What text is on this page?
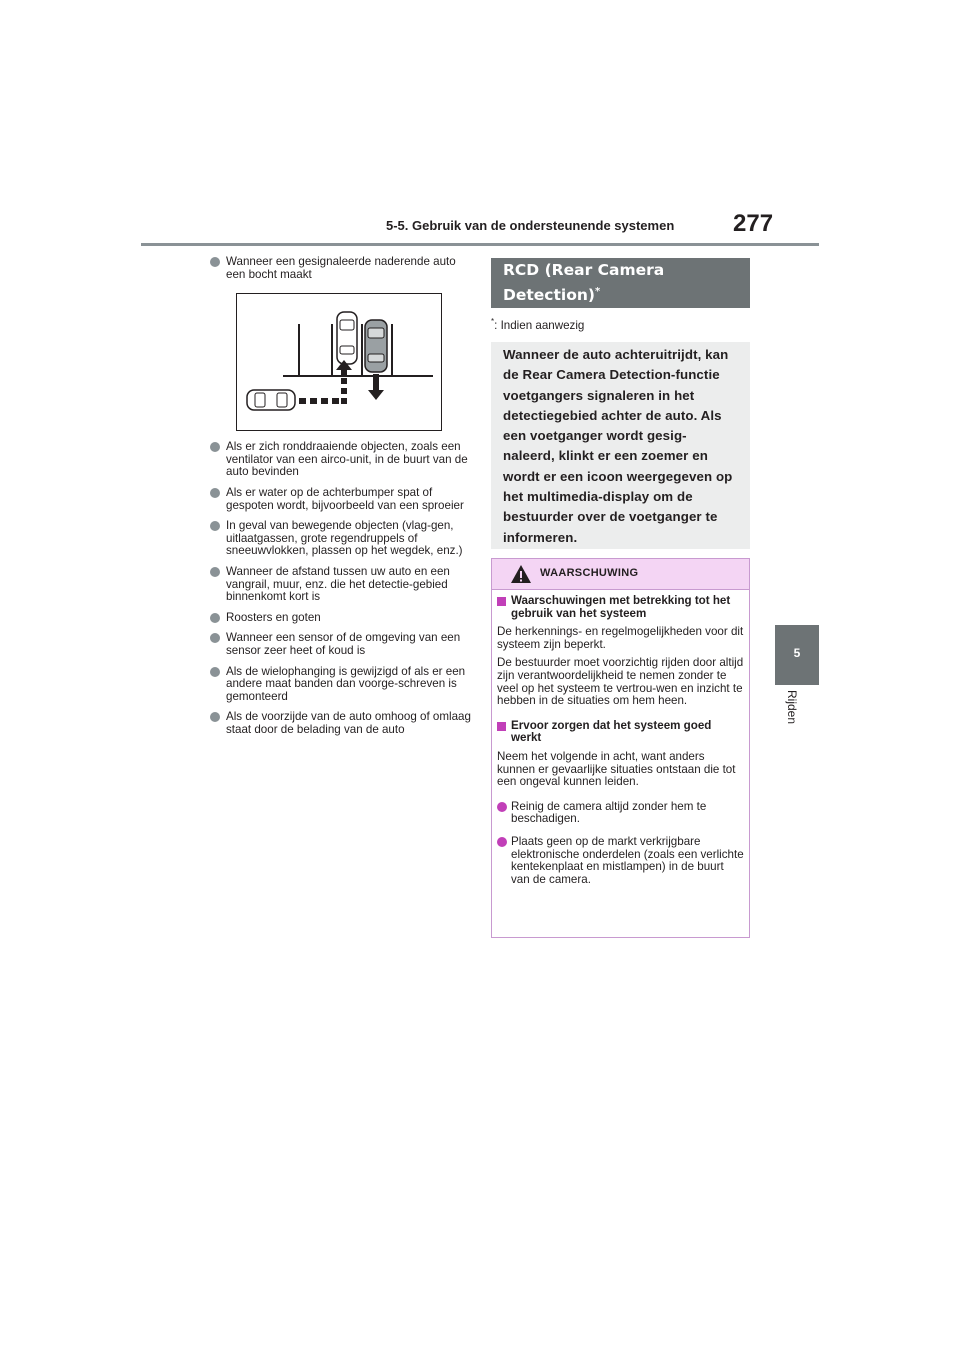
5-5. Gebruik van de ondersteunende systemen 277
5
Rijden
Wanneer een gesignaleerde naderende auto een bocht maakt
Als er zich ronddraaiende objecten, zoals een ventilator van een airco-unit, in de buurt van de auto bevinden
Als er water op de achterbumper spat of gespoten wordt, bijvoorbeeld van een sproeier
In geval van bewegende objecten (vlag-gen, uitlaatgassen, grote regendruppels of sneeuwvlokken, plassen op het wegdek, enz.)
Wanneer de afstand tussen uw auto en een vangrail, muur, enz. die het detectie-gebied binnenkomt kort is
Roosters en goten
Wanneer een sensor of de omgeving van een sensor zeer heet of koud is
Als de wielophanging is gewijzigd of als er een andere maat banden dan voorge-schreven is gemonteerd
Als de voorzijde van de auto omhoog of omlaag staat door de belading van de auto
RCD (Rear Camera Detection)*
*: Indien aanwezig
Wanneer de auto achteruitrijdt, kan de Rear Camera Detection-functie voetgangers signaleren in het detectiegebied achter de auto. Als een voetganger wordt gesig-naleerd, klinkt er een zoemer en wordt er een icoon weergegeven op het multimedia-display om de bestuurder over de voetganger te informeren.
WAARSCHUWING
Waarschuwingen met betrekking tot het gebruik van het systeem

De herkennings- en regelmogelijkheden voor dit systeem zijn beperkt.

De bestuurder moet voorzichtig rijden door altijd zijn verantwoordelijkheid te nemen zonder te veel op het systeem te vertrou-wen en inzicht te hebben in de situaties om hem heen.

Ervoor zorgen dat het systeem goed werkt

Neem het volgende in acht, want anders kunnen er gevaarlijke situaties ontstaan die tot een ongeval kunnen leiden.

Reinig de camera altijd zonder hem te beschadigen.
Plaats geen op de markt verkrijgbare elektronische onderdelen (zoals een verlichte kentekenplaat en mistlampen) in de buurt van de camera.
